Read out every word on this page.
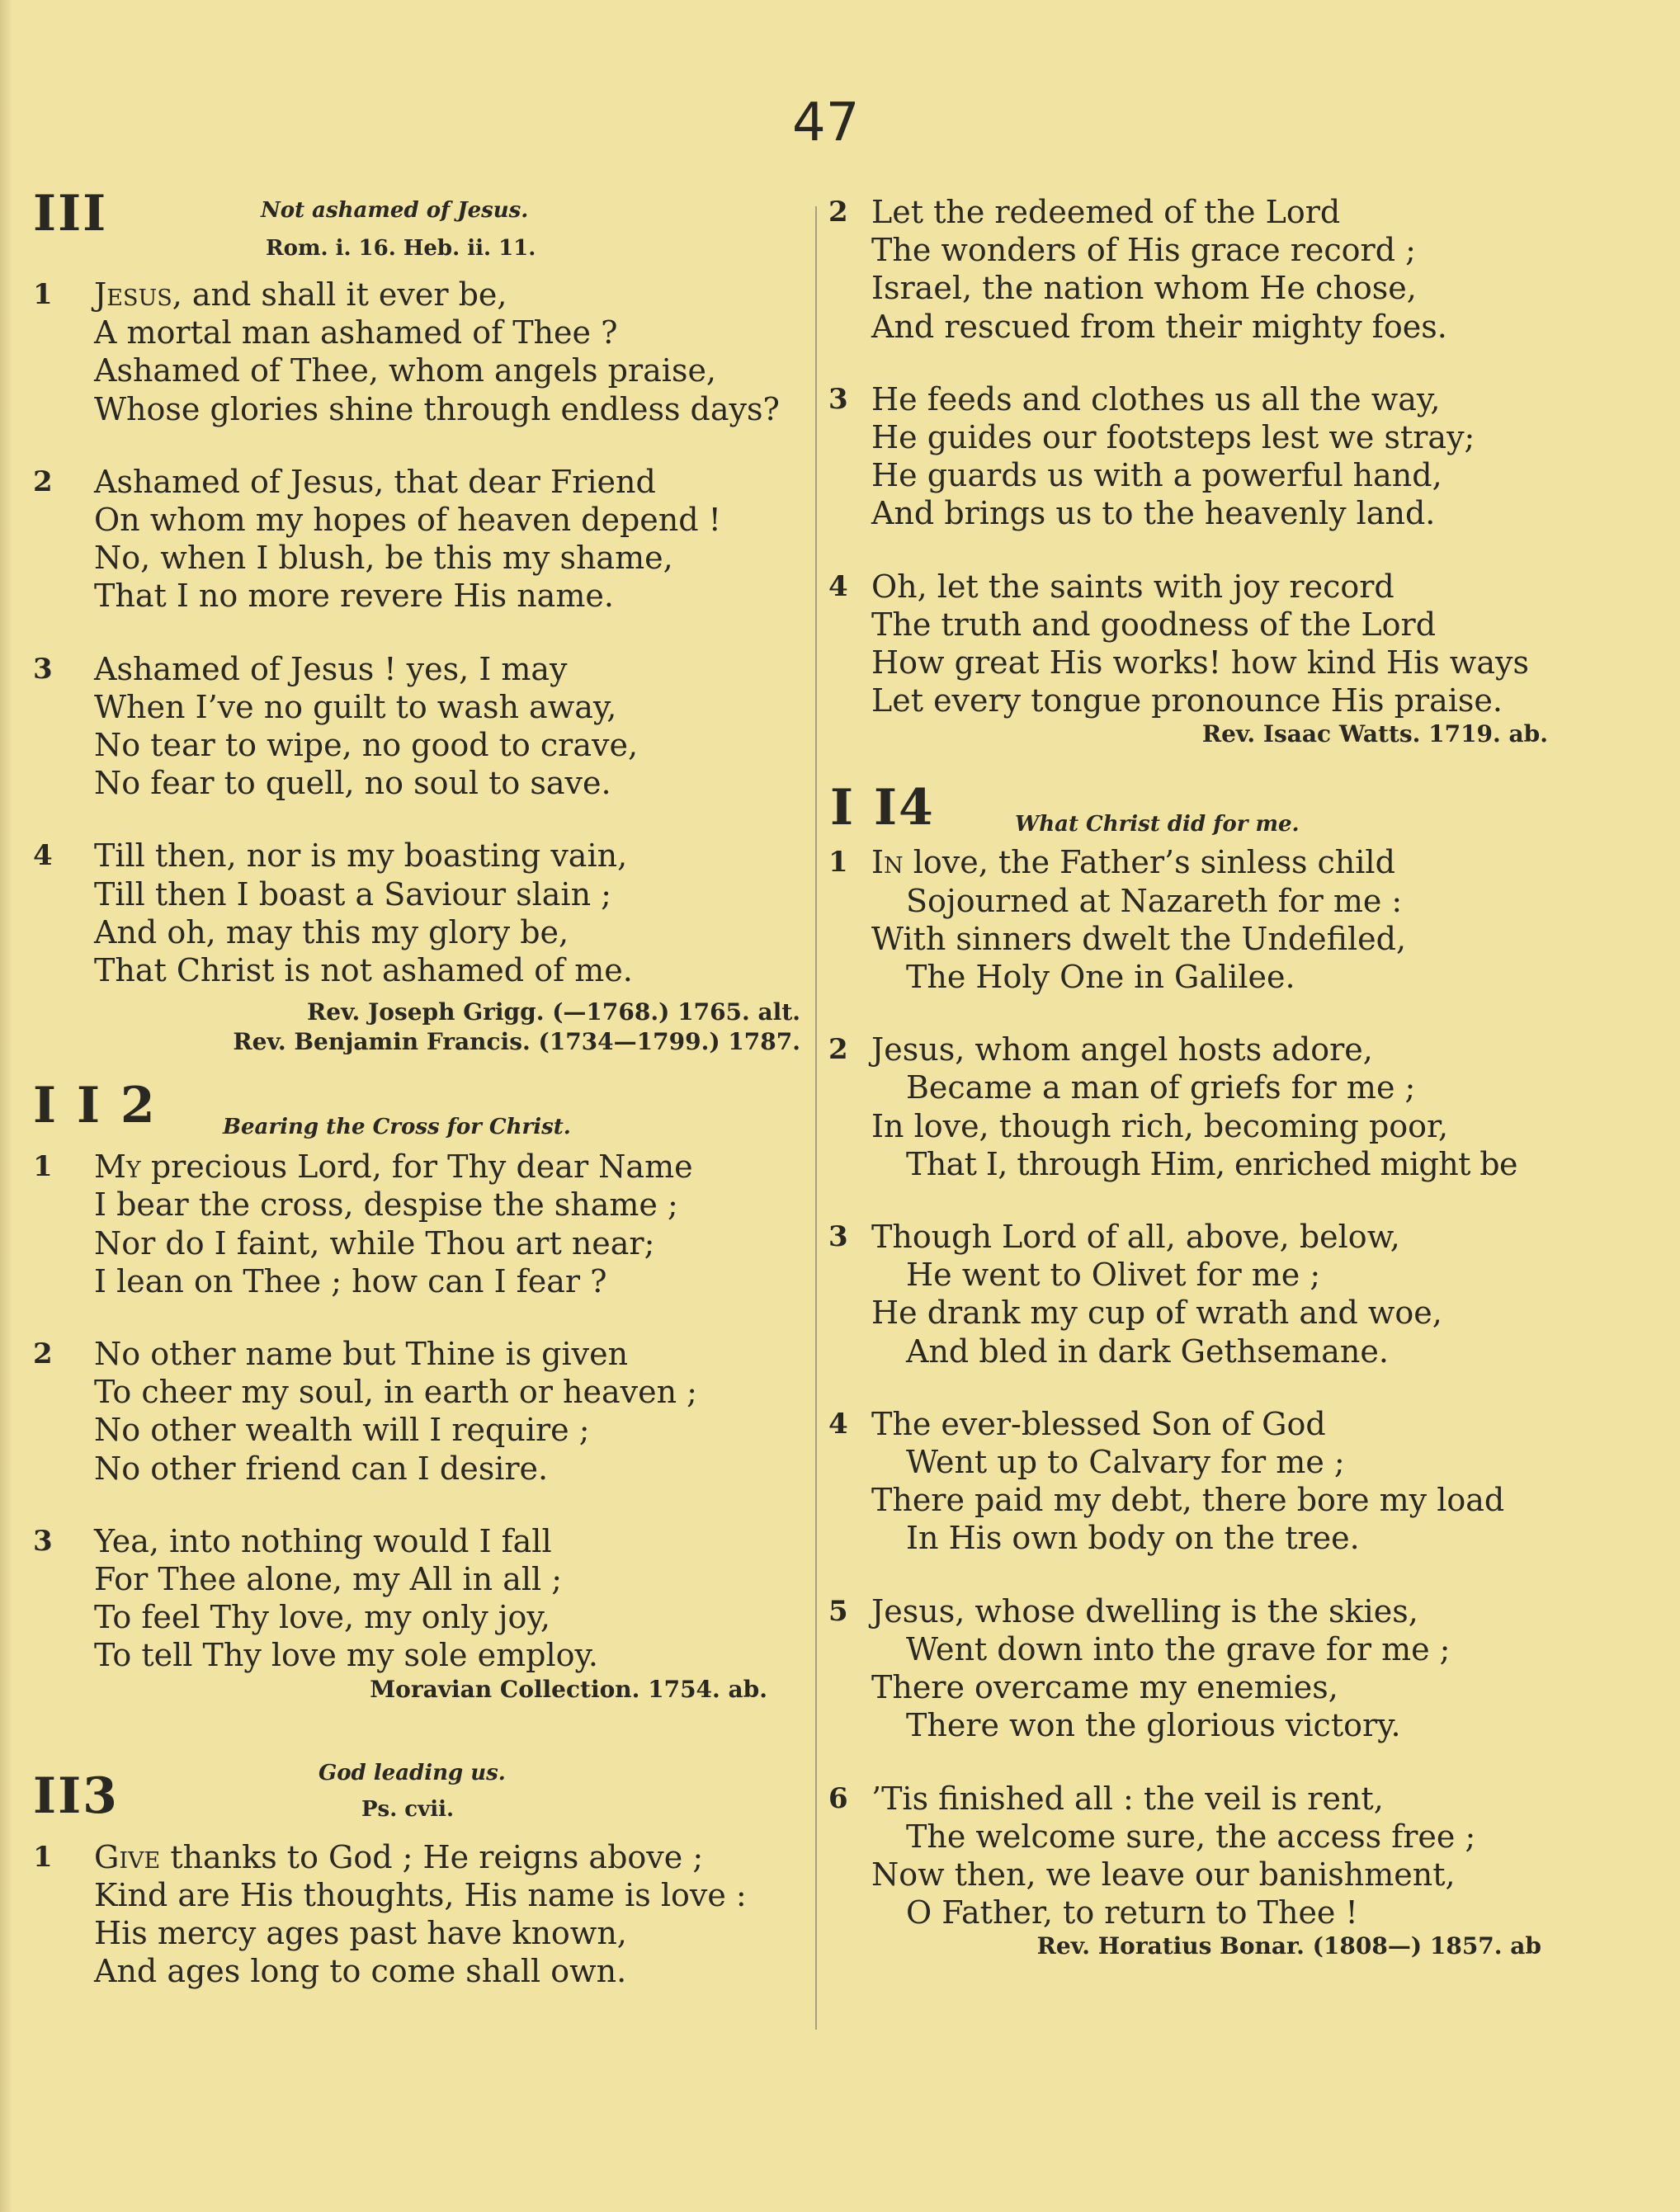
47
III	Not ashamed of Jesus.
Rom. i. 16. Heb. ii. 11.
1	Jesus, and shall it ever be,
A mortal man ashamed of Thee ?
Ashamed of Thee, whom angels praise,
Whose glories shine through endless days?
2	Ashamed of Jesus, that dear Friend
On whom my hopes of heaven depend !
No, when I blush, be this my shame,
That I no more revere His name.
3	Ashamed of Jesus ! yes, I may
When I’ve no guilt to wash away,
No tear to wipe, no good to crave,
No fear to quell, no soul to save.
4	Till then, nor is my boasting vain,
Till then I boast a Saviour slain ;
And oh, may this my glory be,
That Christ is not ashamed of me.
Rev. Joseph Grigg. (—1768.) 1765. alt.
Rev. Benjamin Francis. (1734—1799.) 1787.
I I 2	Bearing the Cross for Christ.
1	My precious Lord, for Thy dear Name
I bear the cross, despise the shame ;
Nor do I faint, while Thou art near;
I lean on Thee ; how can I fear ?
2	No other name but Thine is given
To cheer my soul, in earth or heaven ;
No other wealth will I require ;
No other friend can I desire.
3	Yea, into nothing would I fall
For Thee alone, my All in all ;
To feel Thy love, my only joy,
To tell Thy love my sole employ.
Moravian Collection. 1754. ab.
II3	God leading us.
Ps. cvii.
1	Give thanks to God ; He reigns above ;
Kind are His thoughts, His name is love :
His mercy ages past have known,
And ages long to come shall own.
2 Let the redeemed of the Lord
The wonders of His grace record ;
Israel, the nation whom He chose,
And rescued from their mighty foes.
3 He feeds and clothes us all the way,
He guides our footsteps lest we stray;
He guards us with a powerful hand,
And brings us to the heavenly land.
4 Oh, let the saints with joy record
The truth and goodness of the Lord
How great His works! how kind His ways
Let every tongue pronounce His praise.
Rev. Isaac Watts. 1719. ab.
I I4	What Christ did for me.
1 In love, the Father’s sinless child
Sojourned at Nazareth for me :
With sinners dwelt the Undefiled,
The Holy One in Galilee.
2 Jesus, whom angel hosts adore,
Became a man of griefs for me ;
In love, though rich, becoming poor,
That I, through Him, enriched might be
3 Though Lord of all, above, below,
He went to Olivet for me ;
He drank my cup of wrath and woe,
And bled in dark Gethsemane.
4 The ever-blessed Son of God
Went up to Calvary for me ;
There paid my debt, there bore my load
In His own body on the tree.
5 Jesus, whose dwelling is the skies,
Went down into the grave for me ;
There overcame my enemies,
There won the glorious victory.
6 ’Tis finished all : the veil is rent,
The welcome sure, the access free ;
Now then, we leave our banishment,
O Father, to return to Thee !
Rev. Horatius Bonar. (1808—) 1857. ab
